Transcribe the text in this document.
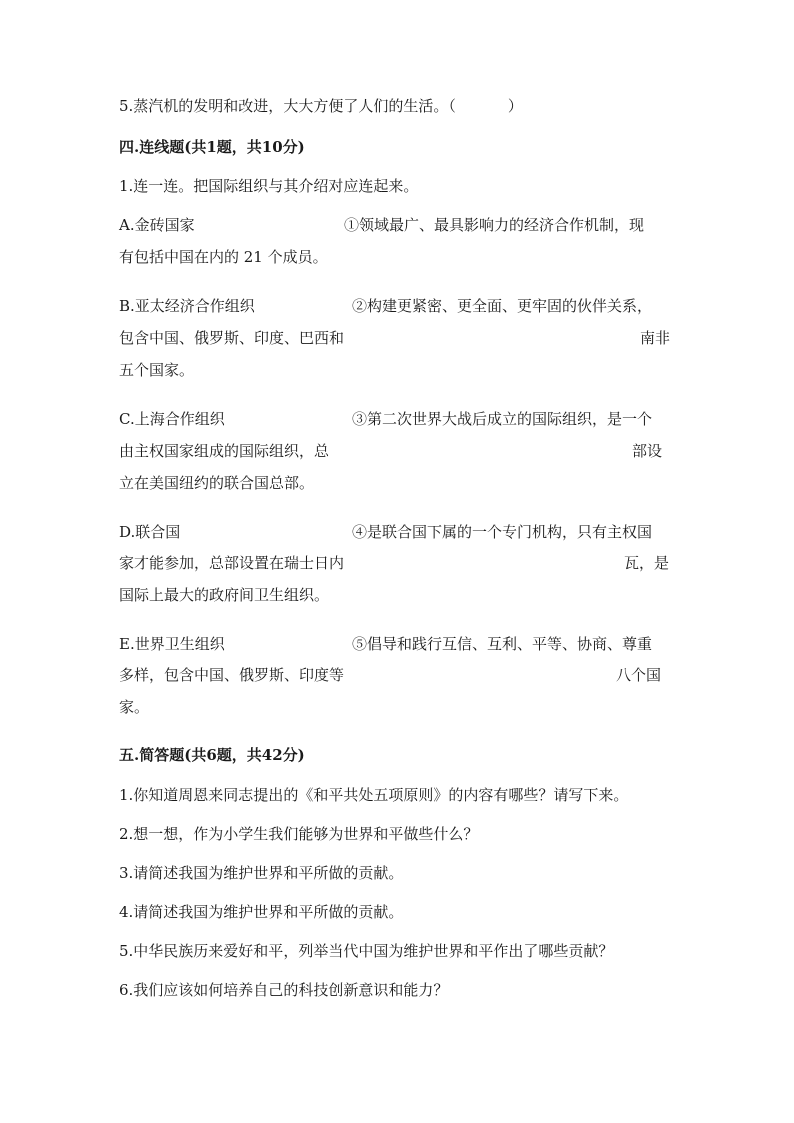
5.蒸汽机的发明和改进，大大方便了人们的生活。（	）
四.连线题(共1题，共10分)
1.连一连。把国际组织与其介绍对应连起来。
A.金砖国家	①领域最广、最具影响力的经济合作机制，现
有包括中国在内的 21 个成员。
B.亚太经济合作组织	②构建更紧密、更全面、更牢固的伙伴关系，
包含中国、俄罗斯、印度、巴西和	南非
五个国家。
C.上海合作组织	③第二次世界大战后成立的国际组织，是一个
由主权国家组成的国际组织，总	部设
立在美国纽约的联合国总部。
D.联合国	④是联合国下属的一个专门机构，只有主权国
家才能参加，总部设置在瑞士日内	瓦，是
国际上最大的政府间卫生组织。
E.世界卫生组织	⑤倡导和践行互信、互利、平等、协商、尊重
多样，包含中国、俄罗斯、印度等	八个国
家。
五.简答题(共6题，共42分)
1.你知道周恩来同志提出的《和平共处五项原则》的内容有哪些？请写下来。
2.想一想，作为小学生我们能够为世界和平做些什么？
3.请简述我国为维护世界和平所做的贡献。
4.请简述我国为维护世界和平所做的贡献。
5.中华民族历来爱好和平，列举当代中国为维护世界和平作出了哪些贡献？
6.我们应该如何培养自己的科技创新意识和能力？
